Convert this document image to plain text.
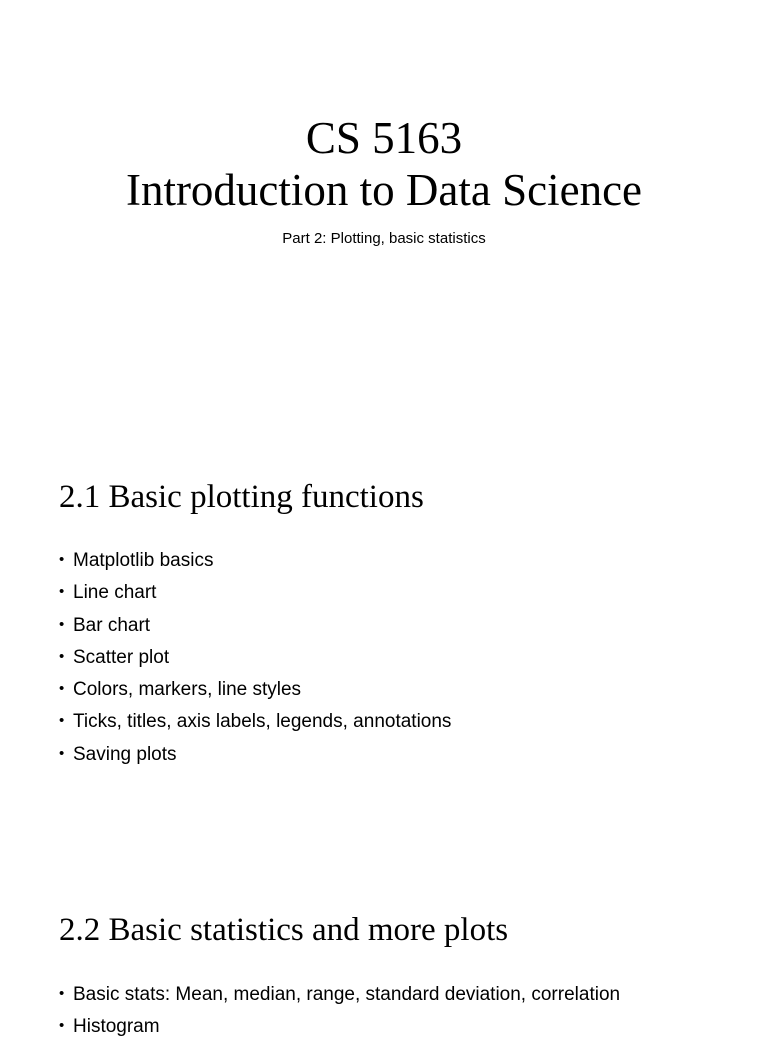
CS 5163
Introduction to Data Science

Part 2: Plotting, basic statistics

2.1 Basic plotting functions
• Matplotlib basics
• Line chart
• Bar chart
• Scatter plot
• Colors, markers, line styles
• Ticks, titles, axis labels, legends, annotations
• Saving plots
2.2 Basic statistics and more plots
• Basic stats: Mean, median, range, standard deviation, correlation
• Histogram
